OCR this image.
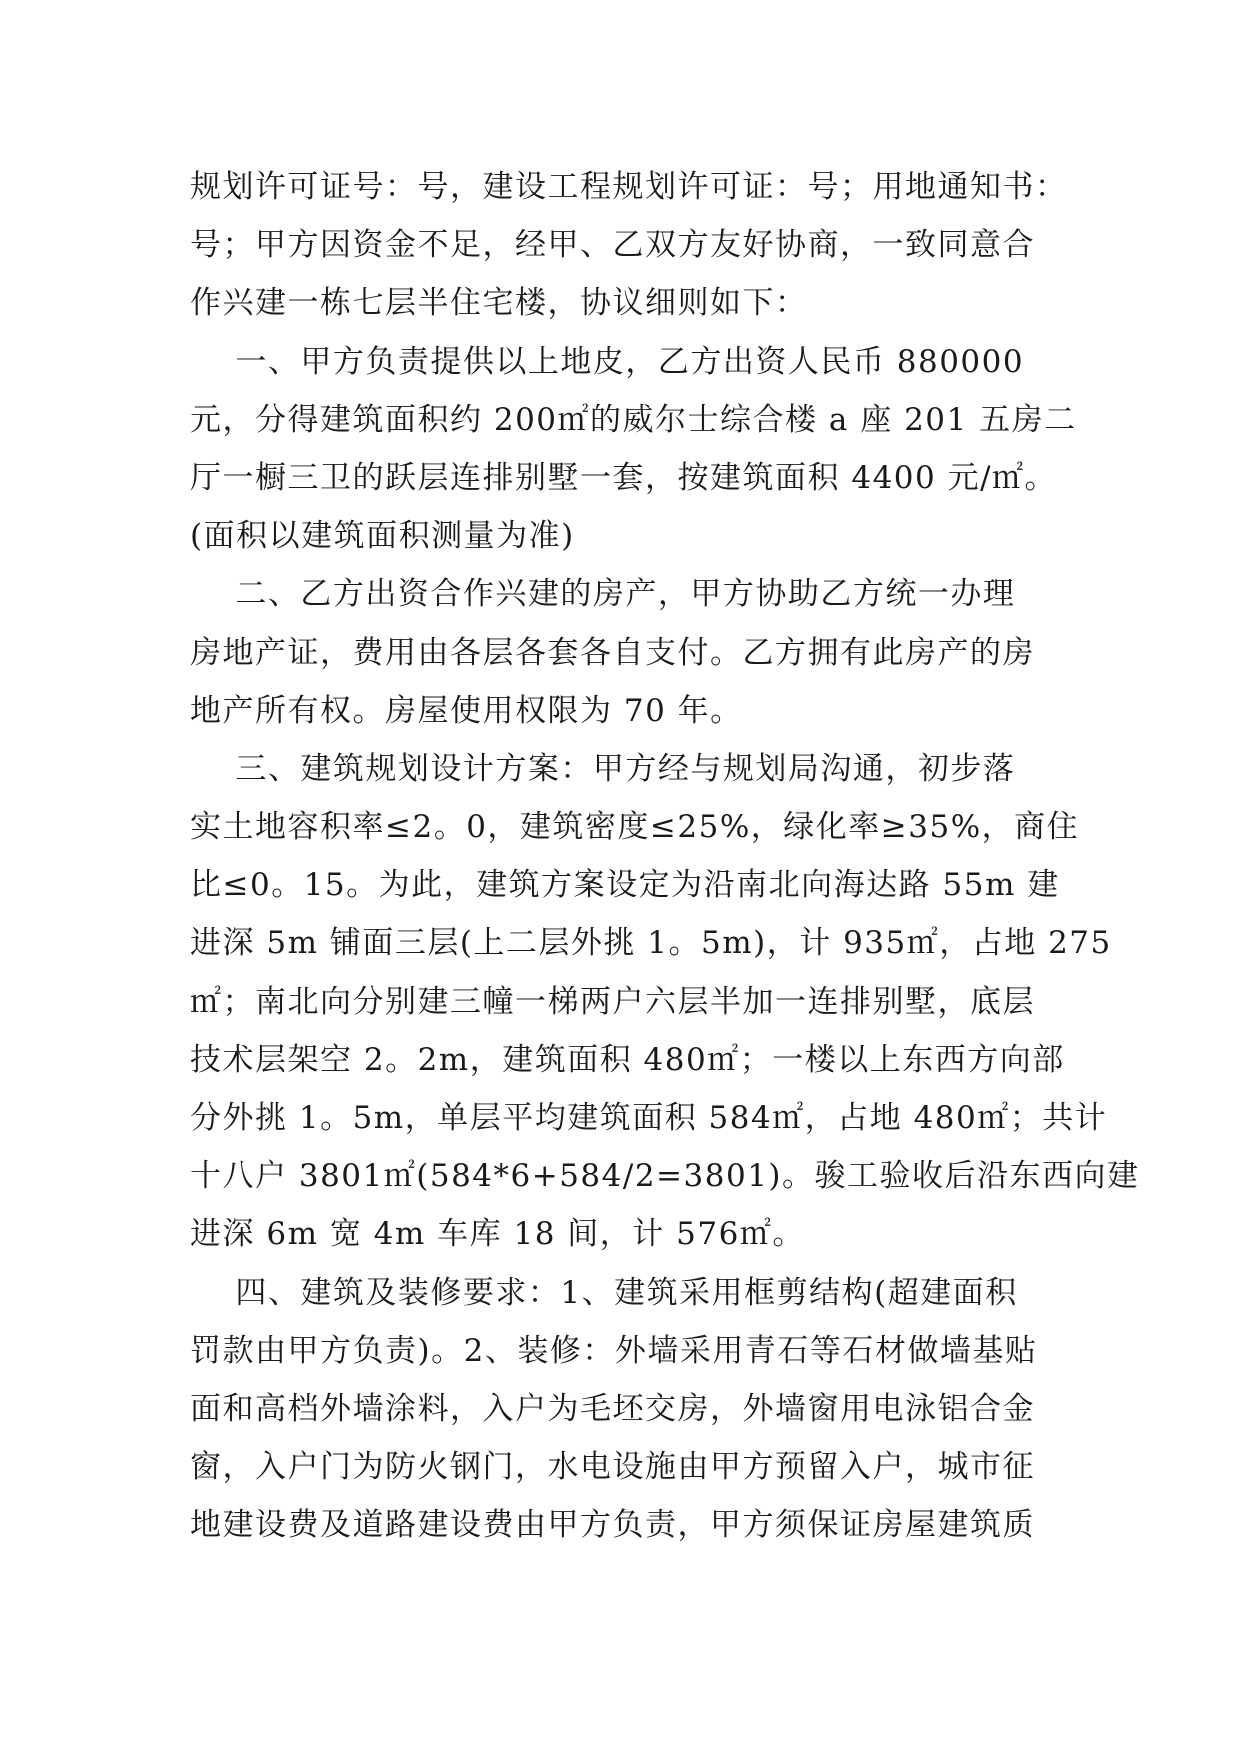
规划许可证号：号，建设工程规划许可证：号；用地通知书：
号；甲方因资金不足，经甲、乙双方友好协商，一致同意合
作兴建一栋七层半住宅楼，协议细则如下：
一、甲方负责提供以上地皮，乙方出资人民币 880000
元，分得建筑面积约 200㎡的威尔士综合楼 a 座 201 五房二
厅一橱三卫的跃层连排别墅一套，按建筑面积 4400 元/㎡。
(面积以建筑面积测量为准)
二、乙方出资合作兴建的房产，甲方协助乙方统一办理
房地产证，费用由各层各套各自支付。乙方拥有此房产的房
地产所有权。房屋使用权限为 70 年。
三、建筑规划设计方案：甲方经与规划局沟通，初步落
实土地容积率≤2。0，建筑密度≤25%，绿化率≥35%，商住
比≤0。15。为此，建筑方案设定为沿南北向海达路 55m 建
进深 5m 铺面三层(上二层外挑 1。5m)，计 935㎡，占地 275
㎡；南北向分别建三幢一梯两户六层半加一连排别墅，底层
技术层架空 2。2m，建筑面积 480㎡；一楼以上东西方向部
分外挑 1。5m，单层平均建筑面积 584㎡，占地 480㎡；共计
十八户 3801㎡(584*6+584/2=3801)。骏工验收后沿东西向建
进深 6m 宽 4m 车库 18 间，计 576㎡。
四、建筑及装修要求：1、建筑采用框剪结构(超建面积
罚款由甲方负责)。2、装修：外墙采用青石等石材做墙基贴
面和高档外墙涂料，入户为毛坯交房，外墙窗用电泳铝合金
窗，入户门为防火钢门，水电设施由甲方预留入户，城市征
地建设费及道路建设费由甲方负责，甲方须保证房屋建筑质
